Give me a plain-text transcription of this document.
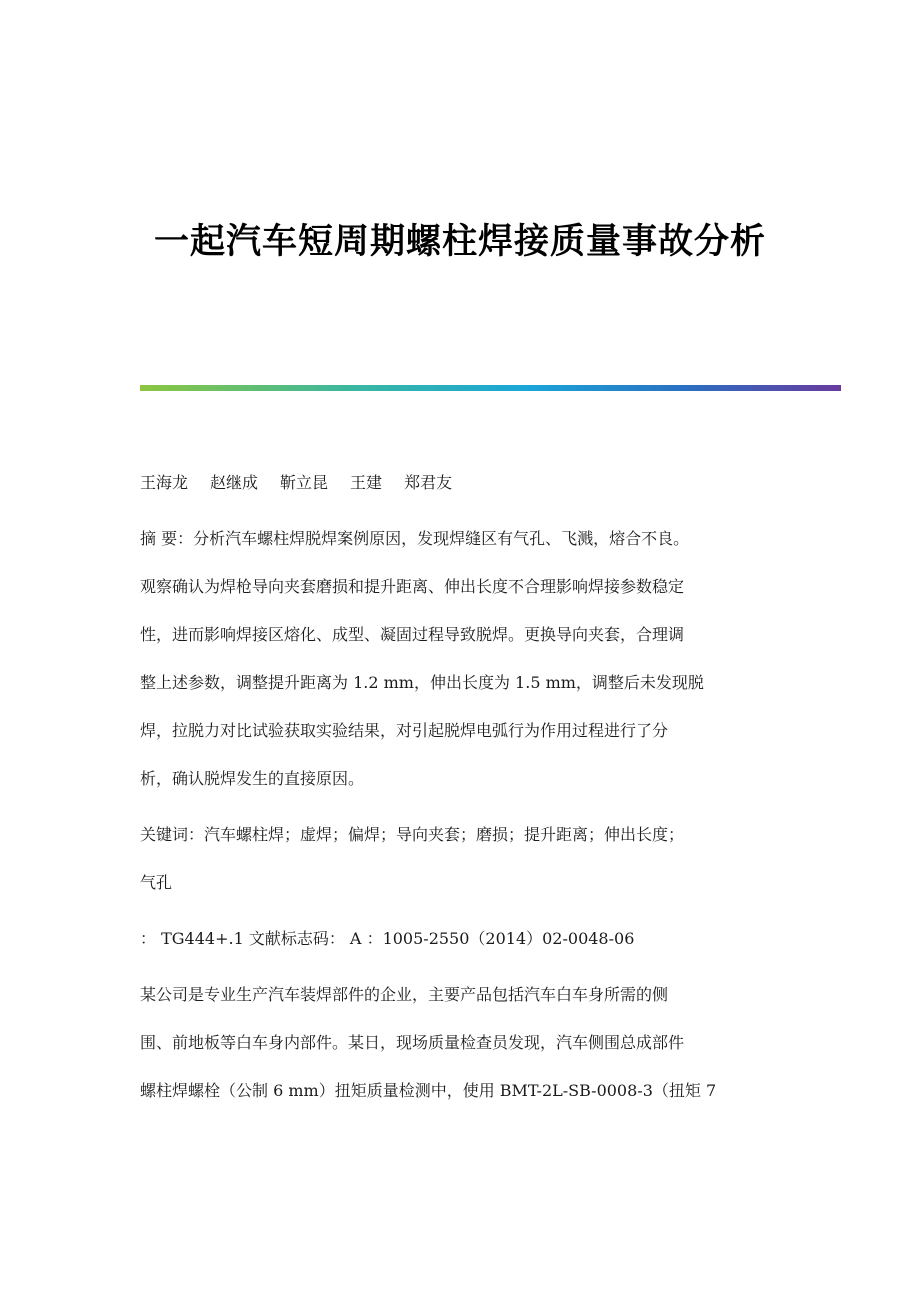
一起汽车短周期螺柱焊接质量事故分析

王海龙 赵继成 靳立昆 王建 郑君友

摘 要：分析汽车螺柱焊脱焊案例原因，发现焊缝区有气孔、飞溅，熔合不良。
观察确认为焊枪导向夹套磨损和提升距离、伸出长度不合理影响焊接参数稳定
性，进而影响焊接区熔化、成型、凝固过程导致脱焊。更换导向夹套，合理调
整上述参数，调整提升距离为 1.2 mm，伸出长度为 1.5 mm，调整后未发现脱
焊，拉脱力对比试验获取实验结果，对引起脱焊电弧行为作用过程进行了分
析，确认脱焊发生的直接原因。
关键词：汽车螺柱焊；虚焊；偏焊；导向夹套；磨损；提升距离；伸出长度；
气孔

： TG444+.1 文献标志码： A ：1005-2550（2014）02-0048-06

某公司是专业生产汽车装焊部件的企业，主要产品包括汽车白车身所需的侧
围、前地板等白车身内部件。某日，现场质量检查员发现，汽车侧围总成部件
螺柱焊螺栓（公制 6 mm）扭矩质量检测中，使用 BMT-2L-SB-0008-3（扭矩 7
